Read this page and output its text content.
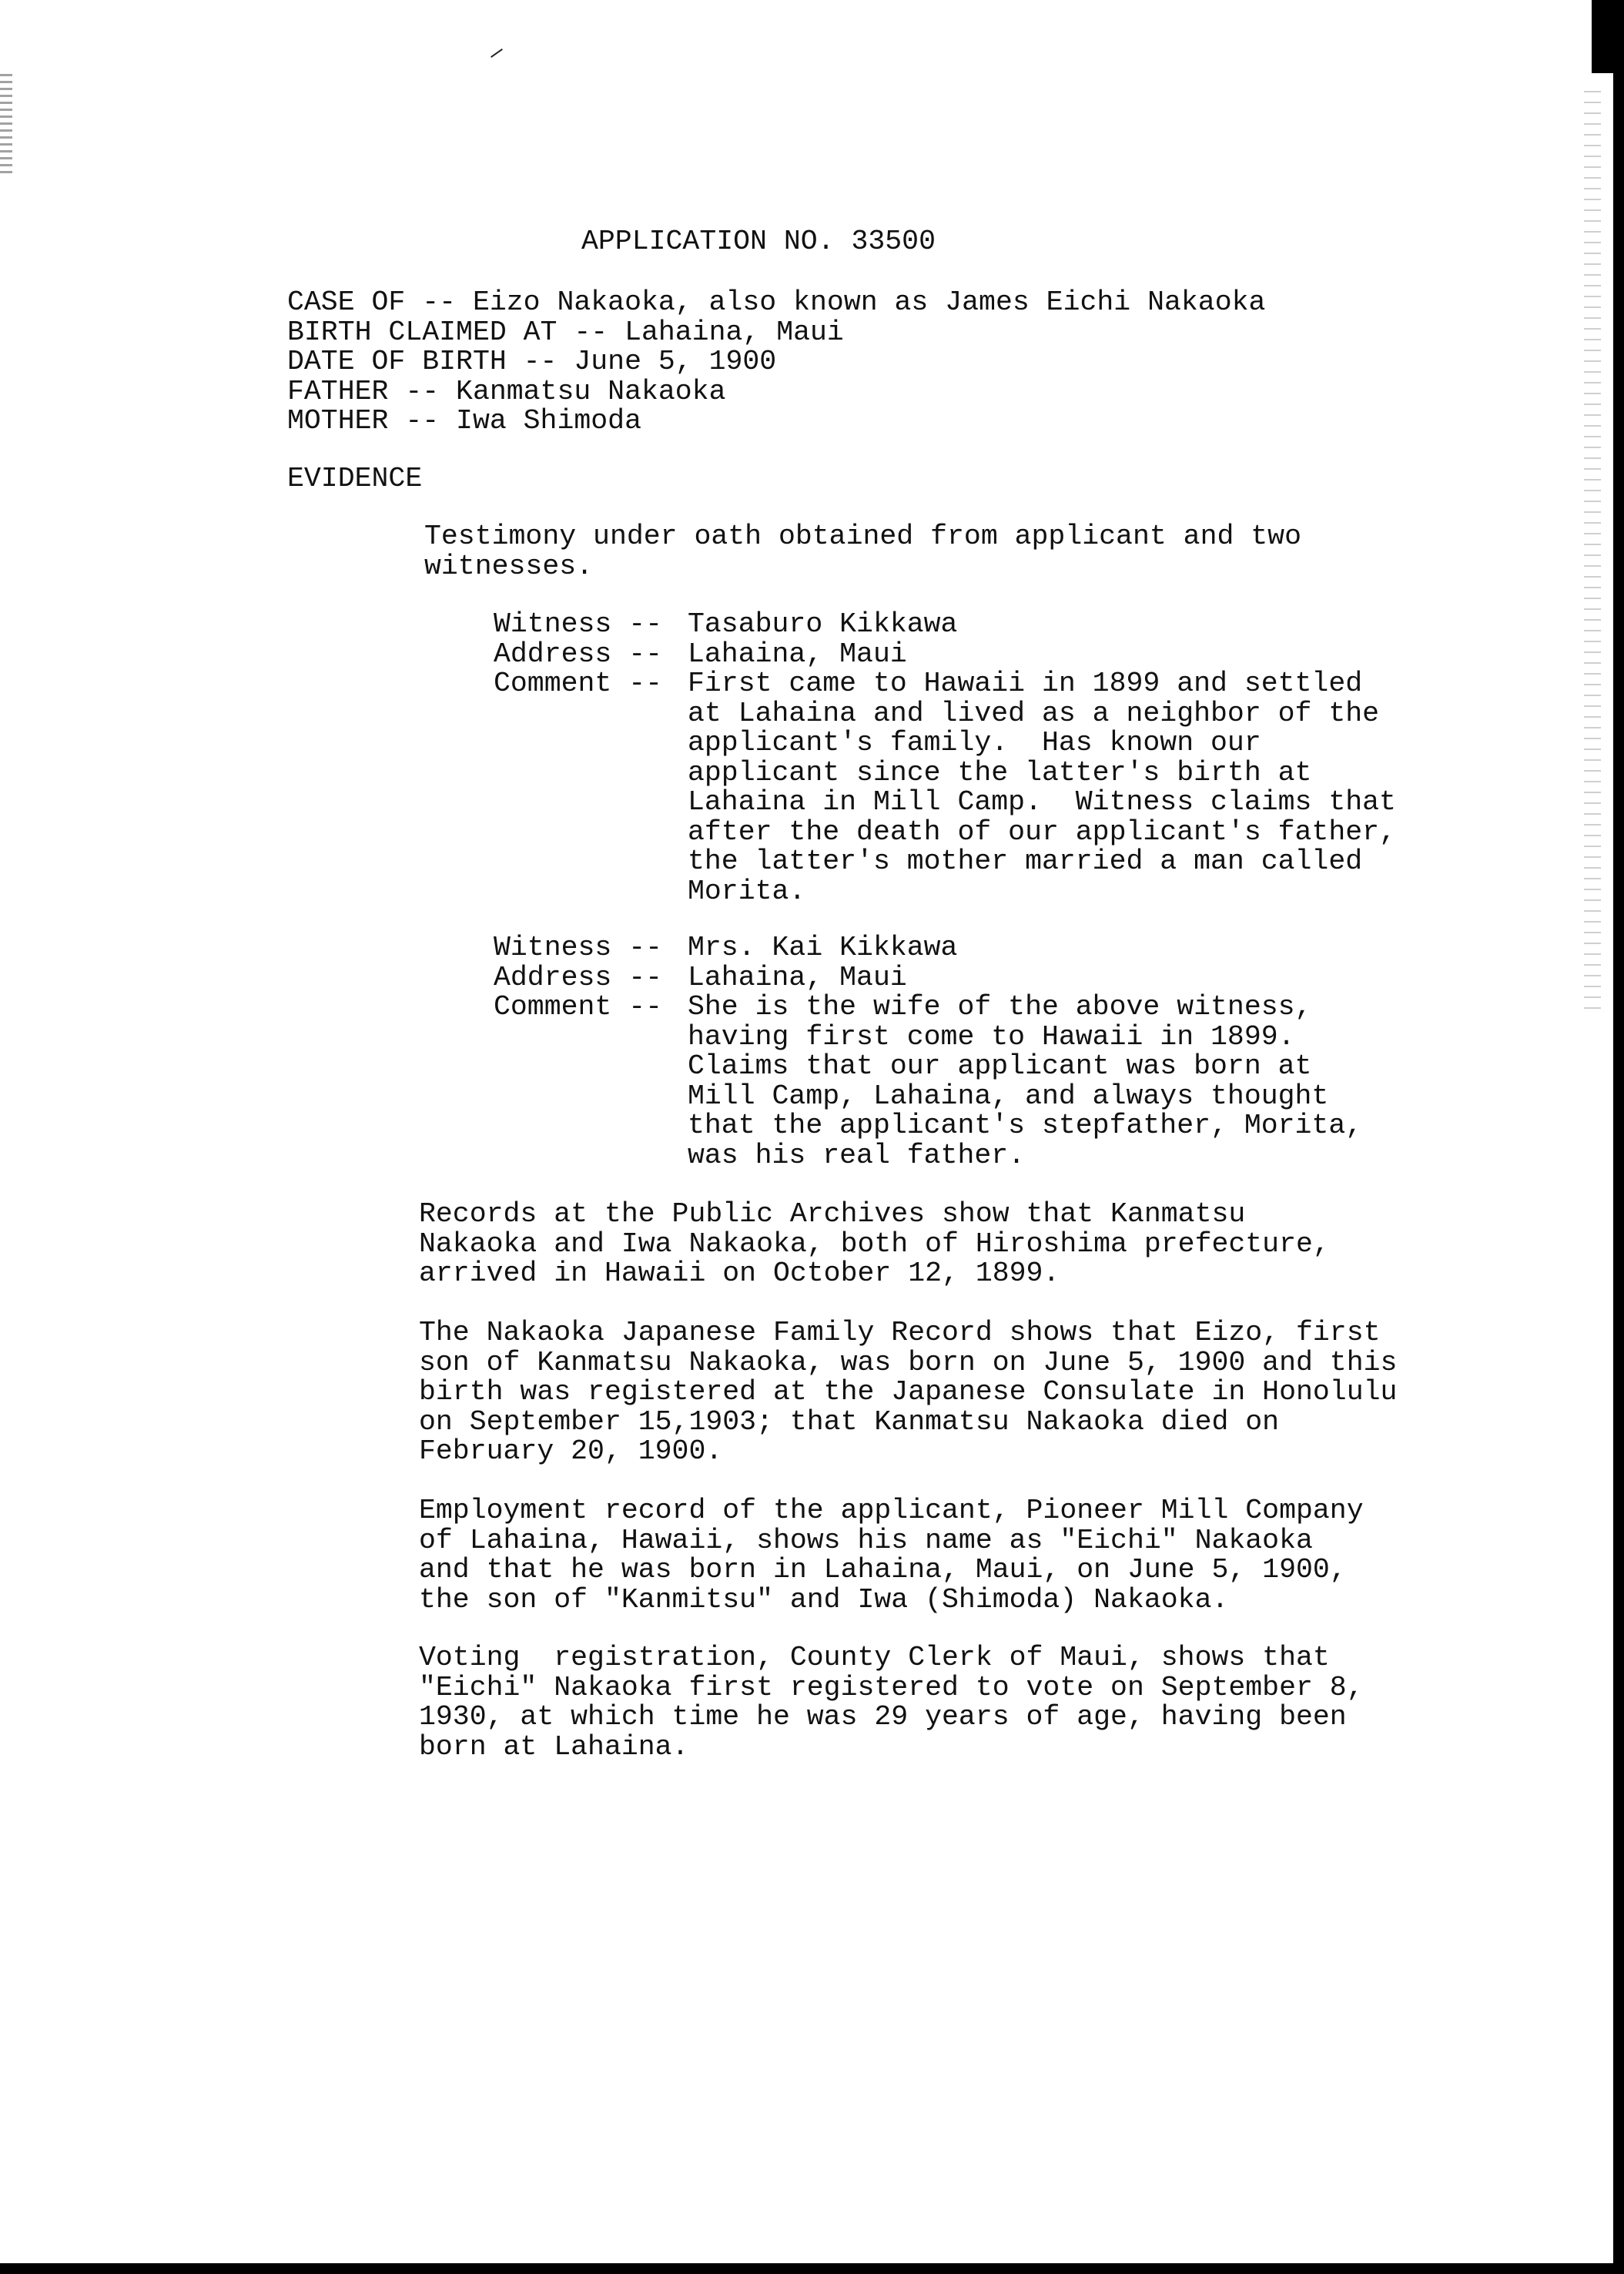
APPLICATION NO. 33500

CASE OF -- Eizo Nakaoka, also known as James Eichi Nakaoka
BIRTH CLAIMED AT -- Lahaina, Maui
DATE OF BIRTH -- June 5, 1900
FATHER -- Kanmatsu Nakaoka
MOTHER -- Iwa Shimoda

EVIDENCE

Testimony under oath obtained from applicant and two
witnesses.

Witness -- Tasaburo Kikkawa
Address -- Lahaina, Maui
Comment -- First came to Hawaii in 1899 and settled
at Lahaina and lived as a neighbor of the
applicant's family.  Has known our
applicant since the latter's birth at
Lahaina in Mill Camp.  Witness claims that
after the death of our applicant's father,
the latter's mother married a man called
Morita.
Witness -- Mrs. Kai Kikkawa
Address -- Lahaina, Maui
Comment -- She is the wife of the above witness,
having first come to Hawaii in 1899.
Claims that our applicant was born at
Mill Camp, Lahaina, and always thought
that the applicant's stepfather, Morita,
was his real father.

Records at the Public Archives show that Kanmatsu
Nakaoka and Iwa Nakaoka, both of Hiroshima prefecture,
arrived in Hawaii on October 12, 1899.

The Nakaoka Japanese Family Record shows that Eizo, first
son of Kanmatsu Nakaoka, was born on June 5, 1900 and this
birth was registered at the Japanese Consulate in Honolulu
on September 15,1903; that Kanmatsu Nakaoka died on
February 20, 1900.

Employment record of the applicant, Pioneer Mill Company
of Lahaina, Hawaii, shows his name as "Eichi" Nakaoka
and that he was born in Lahaina, Maui, on June 5, 1900,
the son of "Kanmitsu" and Iwa (Shimoda) Nakaoka.

Voting  registration, County Clerk of Maui, shows that
"Eichi" Nakaoka first registered to vote on September 8,
1930, at which time he was 29 years of age, having been
born at Lahaina.
